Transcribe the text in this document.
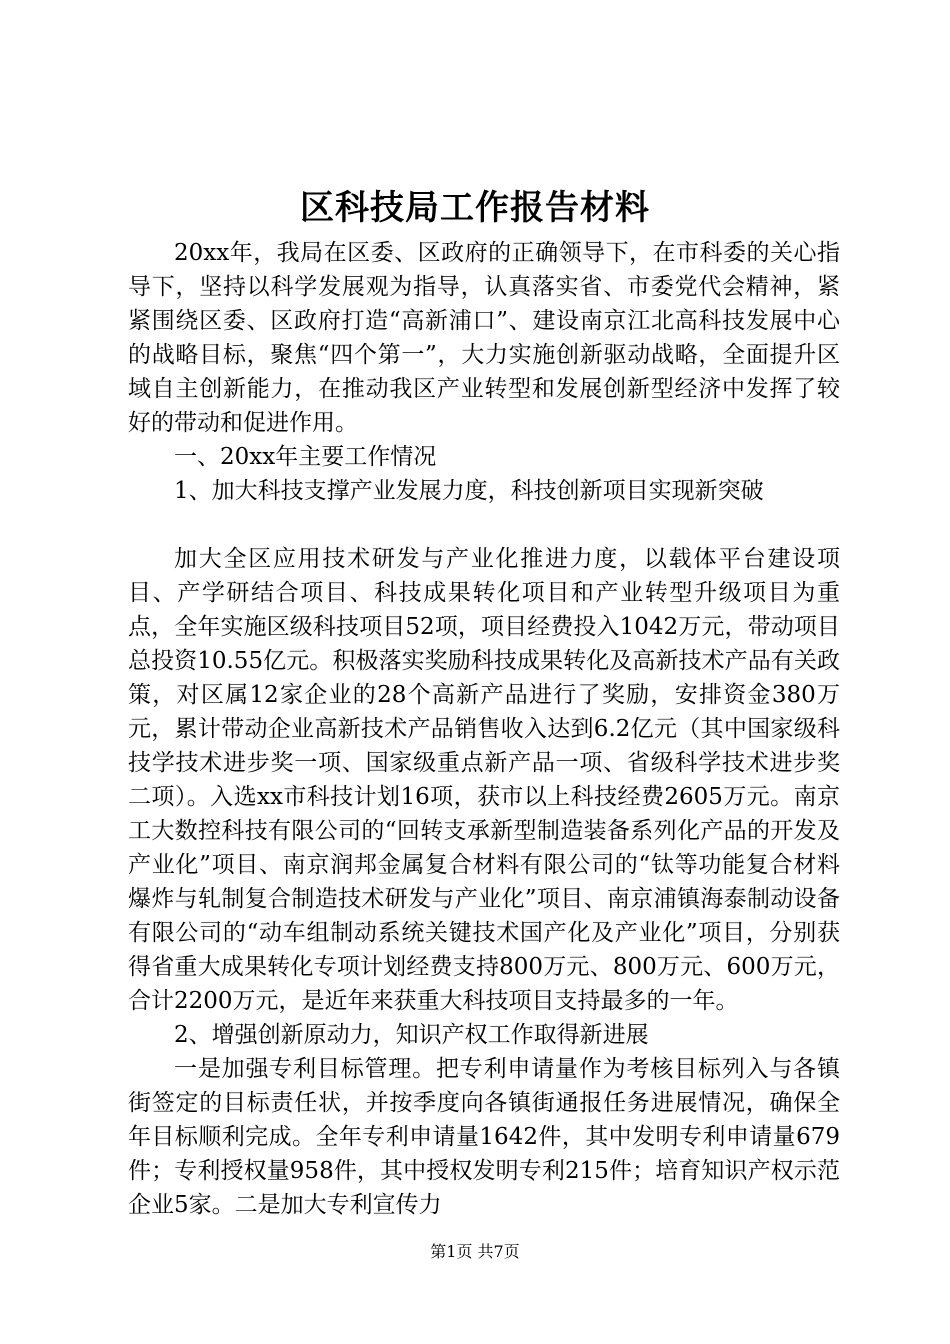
区科技局工作报告材料

20xx年，我局在区委、区政府的正确领导下，在市科委的关心指导下，坚持以科学发展观为指导，认真落实省、市委党代会精神，紧紧围绕区委、区政府打造“高新浦口”、建设南京江北高科技发展中心的战略目标，聚焦“四个第一”，大力实施创新驱动战略，全面提升区域自主创新能力，在推动我区产业转型和发展创新型经济中发挥了较好的带动和促进作用。

一、20xx年主要工作情况

1、加大科技支撑产业发展力度，科技创新项目实现新突破

加大全区应用技术研发与产业化推进力度，以载体平台建设项目、产学研结合项目、科技成果转化项目和产业转型升级项目为重点，全年实施区级科技项目52项，项目经费投入1042万元，带动项目总投资10.55亿元。积极落实奖励科技成果转化及高新技术产品有关政策，对区属12家企业的28个高新产品进行了奖励，安排资金380万元，累计带动企业高新技术产品销售收入达到6.2亿元（其中国家级科技学技术进步奖一项、国家级重点新产品一项、省级科学技术进步奖二项）。入选xx市科技计划16项，获市以上科技经费2605万元。南京工大数控科技有限公司的“回转支承新型制造装备系列化产品的开发及产业化”项目、南京润邦金属复合材料有限公司的“钛等功能复合材料爆炸与轧制复合制造技术研发与产业化”项目、南京浦镇海泰制动设备有限公司的“动车组制动系统关键技术国产化及产业化”项目，分别获得省重大成果转化专项计划经费支持800万元、800万元、600万元，合计2200万元，是近年来获重大科技项目支持最多的一年。

2、增强创新原动力，知识产权工作取得新进展

一是加强专利目标管理。把专利申请量作为考核目标列入与各镇街签定的目标责任状，并按季度向各镇街通报任务进展情况，确保全年目标顺利完成。全年专利申请量1642件，其中发明专利申请量679件；专利授权量958件，其中授权发明专利215件；培育知识产权示范企业5家。二是加大专利宣传力

第1页 共7页
